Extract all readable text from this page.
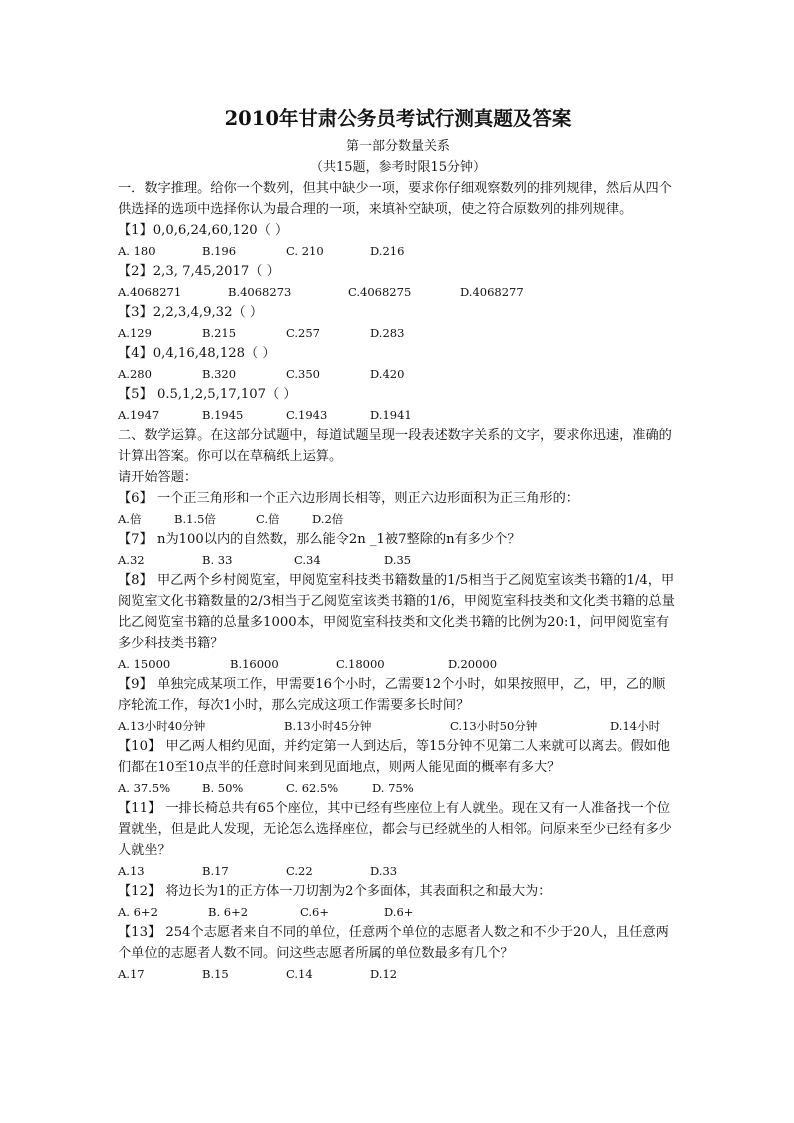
2010年甘肃公务员考试行测真题及答案
第一部分数量关系
（共15题，参考时限15分钟）

一．数字推理。给你一个数列，但其中缺少一项，要求你仔细观察数列的排列规律，然后从四个供选择的选项中选择你认为最合理的一项，来填补空缺项，使之符合原数列的排列规律。

【1】0,0,6,24,60,120（ ）

A. 180	B.196	C. 210	D.216

【2】2,3, 7,45,2017（ ）

A.4068271	B.4068273	C.4068275	D.4068277

【3】2,2,3,4,9,32（ ）

A.129	B.215	C.257	D.283

【4】0,4,16,48,128（ ）

A.280	B.320	C.350	D.420

【5】 0.5,1,2,5,17,107（ ）

A.1947	B.1945	C.1943	D.1941

二、数学运算。在这部分试题中，每道试题呈现一段表述数字关系的文字，要求你迅速，准确的计算出答案。你可以在草稿纸上运算。

请开始答题：

【6】 一个正三角形和一个正六边形周长相等，则正六边形面积为正三角形的：

A.倍	B.1.5倍	C.倍	D.2倍

【7】 n为100以内的自然数，那么能令2n _1被7整除的n有多少个？

A.32	B. 33	C.34	D.35

【8】 甲乙两个乡村阅览室，甲阅览室科技类书籍数量的1/5相当于乙阅览室该类书籍的1/4，甲阅览室文化书籍数量的2/3相当于乙阅览室该类书籍的1/6，甲阅览室科技类和文化类书籍的总量比乙阅览室书籍的总量多1000本，甲阅览室科技类和文化类书籍的比例为20:1，问甲阅览室有多少科技类书籍？

A. 15000	B.16000	C.18000	D.20000

【9】 单独完成某项工作，甲需要16个小时，乙需要12个小时，如果按照甲，乙，甲，乙的顺序轮流工作，每次1小时，那么完成这项工作需要多长时间？

A.13小时40分钟	B.13小时45分钟	C.13小时50分钟	D.14小时

【10】 甲乙两人相约见面，并约定第一人到达后，等15分钟不见第二人来就可以离去。假如他们都在10至10点半的任意时间来到见面地点，则两人能见面的概率有多大？

A. 37.5%	B. 50%	C. 62.5%	D. 75%

【11】 一排长椅总共有65个座位，其中已经有些座位上有人就坐。现在又有一人准备找一个位置就坐，但是此人发现，无论怎么选择座位，都会与已经就坐的人相邻。问原来至少已经有多少人就坐？

A.13	B.17	C.22	D.33

【12】 将边长为1的正方体一刀切割为2个多面体，其表面积之和最大为：

A. 6+2	B. 6+2	C.6+	D.6+

【13】 254个志愿者来自不同的单位，任意两个单位的志愿者人数之和不少于20人，且任意两个单位的志愿者人数不同。问这些志愿者所属的单位数最多有几个？

A.17	B.15	C.14	D.12
